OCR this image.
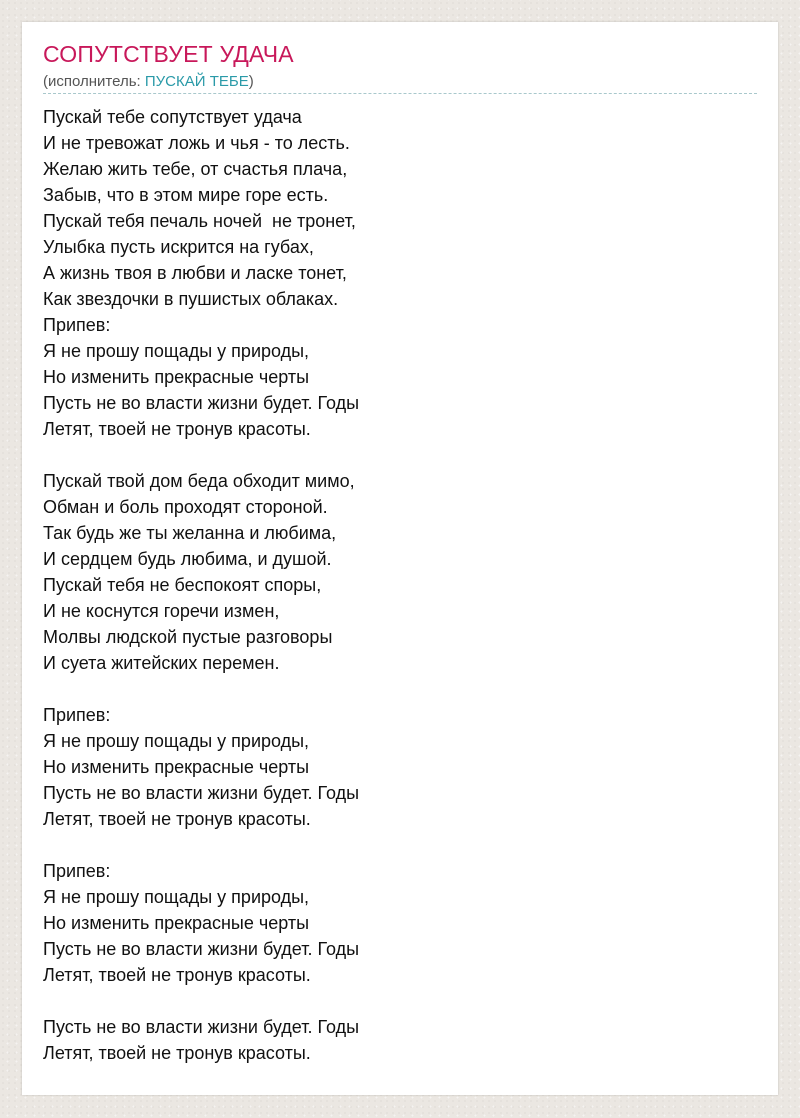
СОПУТСТВУЕТ УДАЧА
(исполнитель: ПУСКАЙ ТЕБЕ)
Пускай тебе сопутствует удача
И не тревожат ложь и чья - то лесть.
Желаю жить тебе, от счастья плача,
Забыв, что в этом мире горе есть.
Пускай тебя печаль ночей  не тронет,
Улыбка пусть искрится на губах,
А жизнь твоя в любви и ласке тонет,
Как звездочки в пушистых облаках.
Припев:
Я не прошу пощады у природы,
Но изменить прекрасные черты
Пусть не во власти жизни будет. Годы
Летят, твоей не тронув красоты.
Пускай твой дом беда обходит мимо,
Обман и боль проходят стороной.
Так будь же ты желанна и любима,
И сердцем будь любима, и душой.
Пускай тебя не беспокоят споры,
И не коснутся горечи измен,
Молвы людской пустые разговоры
И суета житейских перемен.
Припев:
Я не прошу пощады у природы,
Но изменить прекрасные черты
Пусть не во власти жизни будет. Годы
Летят, твоей не тронув красоты.
Припев:
Я не прошу пощады у природы,
Но изменить прекрасные черты
Пусть не во власти жизни будет. Годы
Летят, твоей не тронув красоты.
Пусть не во власти жизни будет. Годы
Летят, твоей не тронув красоты.
